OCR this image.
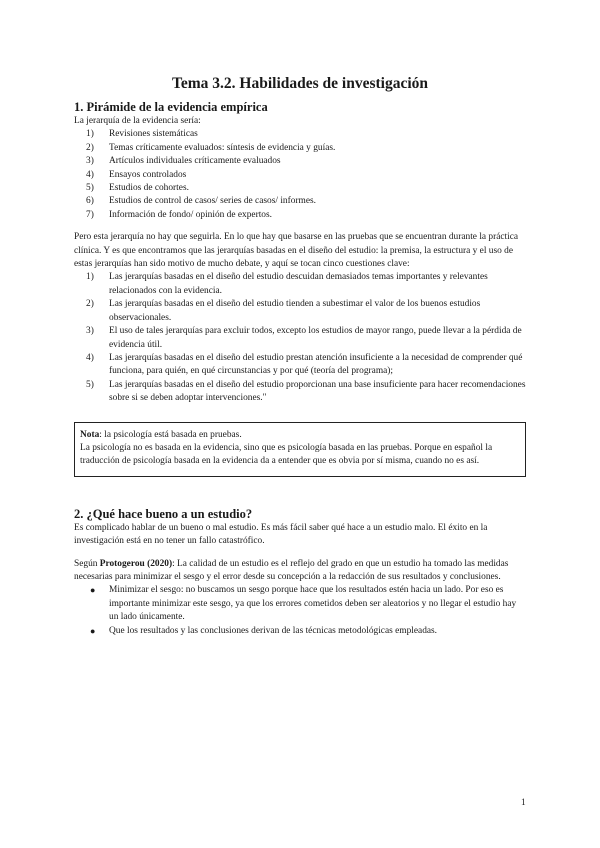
Tema 3.2. Habilidades de investigación
1. Pirámide de la evidencia empírica

La jerarquía de la evidencia sería:

1) Revisiones sistemáticas
2) Temas críticamente evaluados: síntesis de evidencia y guías.
3) Artículos individuales críticamente evaluados
4) Ensayos controlados
5) Estudios de cohortes.
6) Estudios de control de casos/ series de casos/ informes.
7) Información de fondo/ opinión de expertos.

Pero esta jerarquía no hay que seguirla. En lo que hay que basarse en las pruebas que se encuentran durante la práctica clínica. Y es que encontramos que las jerarquías basadas en el diseño del estudio: la premisa, la estructura y el uso de estas jerarquías han sido motivo de mucho debate, y aquí se tocan cinco cuestiones clave:

1) Las jerarquías basadas en el diseño del estudio descuidan demasiados temas importantes y relevantes relacionados con la evidencia.
2) Las jerarquías basadas en el diseño del estudio tienden a subestimar el valor de los buenos estudios observacionales.
3) El uso de tales jerarquías para excluir todos, excepto los estudios de mayor rango, puede llevar a la pérdida de evidencia útil.
4) Las jerarquías basadas en el diseño del estudio prestan atención insuficiente a la necesidad de comprender qué funciona, para quién, en qué circunstancias y por qué (teoría del programa);
5) Las jerarquías basadas en el diseño del estudio proporcionan una base insuficiente para hacer recomendaciones sobre si se deben adoptar intervenciones."

Nota: la psicología está basada en pruebas.

La psicología no es basada en la evidencia, sino que es psicología basada en las pruebas. Porque en español la traducción de psicología basada en la evidencia da a entender que es obvia por sí misma, cuando no es así.

2. ¿Qué hace bueno a un estudio?

Es complicado hablar de un bueno o mal estudio. Es más fácil saber qué hace a un estudio malo. El éxito en la investigación está en no tener un fallo catastrófico.

Según Protogerou (2020): La calidad de un estudio es el reflejo del grado en que un estudio ha tomado las medidas necesarias para minimizar el sesgo y el error desde su concepción a la redacción de sus resultados y conclusiones.

● Minimizar el sesgo: no buscamos un sesgo porque hace que los resultados estén hacia un lado. Por eso es importante minimizar este sesgo, ya que los errores cometidos deben ser aleatorios y no llegar el estudio hay un lado únicamente.
● Que los resultados y las conclusiones derivan de las técnicas metodológicas empleadas.
1
